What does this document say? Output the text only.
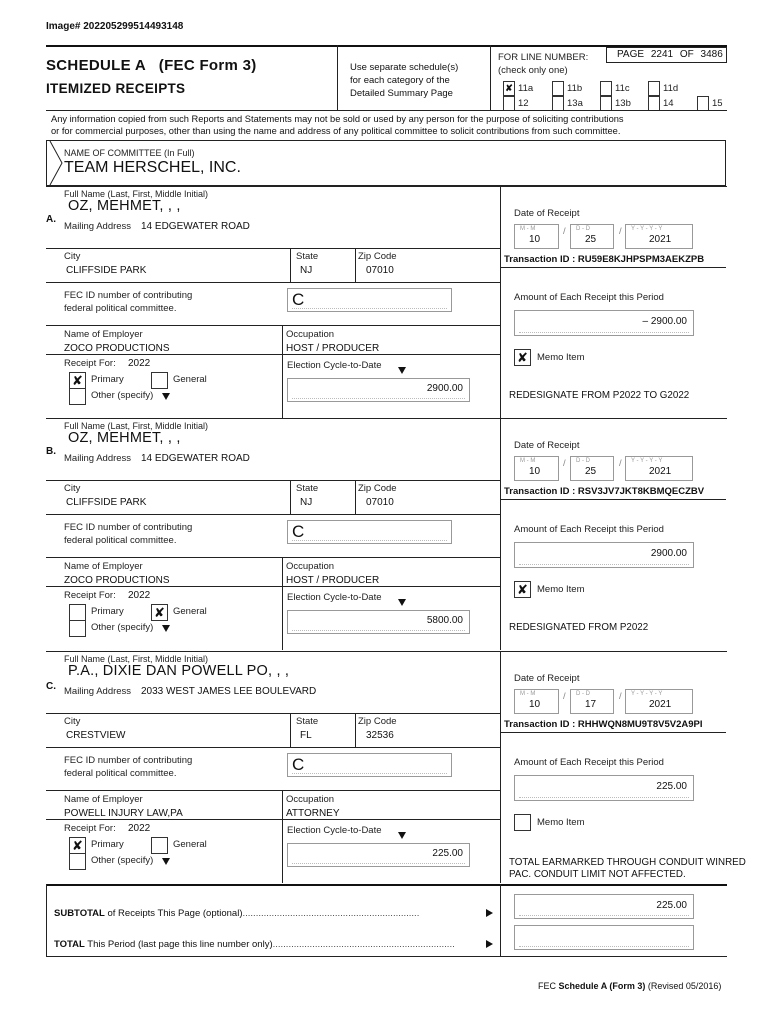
Image# 202205299514493148
SCHEDULE A   (FEC Form 3)
ITEMIZED RECEIPTS
Use separate schedule(s)
for each category of the
Detailed Summary Page
FOR LINE NUMBER:
(check only one)
PAGE 2241 OF 3486
✘ 11a	11b	11c	11d
12	13a	13b	14	15
Any information copied from such Reports and Statements may not be sold or used by any person for the purpose of soliciting contributions
or for commercial purposes, other than using the name and address of any political committee to solicit contributions from such committee.
NAME OF COMMITTEE (In Full)
TEAM HERSCHEL, INC.
Full Name (Last, First, Middle Initial)
A.
OZ, MEHMET, , ,
Mailing Address 14 EDGEWATER ROAD
City
CLIFFSIDE PARK
State
NJ
Zip Code
07010
FEC ID number of contributing
federal political committee.	C
Name of Employer
ZOCO PRODUCTIONS
Occupation
HOST / PRODUCER
Receipt For: 2022
✘ Primary	General
Other (specify)
Election Cycle-to-Date
2900.00
Date of Receipt
M - M
10
/ D - D
25
/ Y - Y - Y - Y
2021
Transaction ID : RU59E8KJHPSPM3AEKZPB
Amount of Each Receipt this Period
– 2900.00
✘ Memo Item
REDESIGNATE FROM P2022 TO G2022
Full Name (Last, First, Middle Initial)
B.
OZ, MEHMET, , ,
Mailing Address 14 EDGEWATER ROAD
City
CLIFFSIDE PARK
State
NJ
Zip Code
07010
FEC ID number of contributing
federal political committee.	C
Name of Employer
ZOCO PRODUCTIONS
Occupation
HOST / PRODUCER
Receipt For: 2022
Primary ✘ General
Other (specify)
Election Cycle-to-Date
5800.00
Date of Receipt
M - M
10
/ D - D
25
/ Y - Y - Y - Y
2021
Transaction ID : RSV3JV7JKT8KBMQECZBV
Amount of Each Receipt this Period
2900.00
✘ Memo Item
REDESIGNATED FROM P2022
Full Name (Last, First, Middle Initial)
C.
P.A., DIXIE DAN POWELL PO, , ,
Mailing Address 2033 WEST JAMES LEE BOULEVARD
City
CRESTVIEW
State
FL
Zip Code
32536
FEC ID number of contributing
federal political committee.	C
Name of Employer
POWELL INJURY LAW,PA
Occupation
ATTORNEY
Receipt For: 2022
✘ Primary	General
Other (specify)
Election Cycle-to-Date
225.00
Date of Receipt
M - M
10
/ D - D
17
/ Y - Y - Y - Y
2021
Transaction ID : RHHWQN8MU9T8V5V2A9PI
Amount of Each Receipt this Period
225.00
Memo Item
TOTAL EARMARKED THROUGH CONDUIT WINRED PAC. CONDUIT LIMIT NOT AFFECTED.
SUBTOTAL of Receipts This Page (optional)...................................................................
225.00
TOTAL This Period (last page this line number only).....................................................................
FEC Schedule A (Form 3) (Revised 05/2016)
